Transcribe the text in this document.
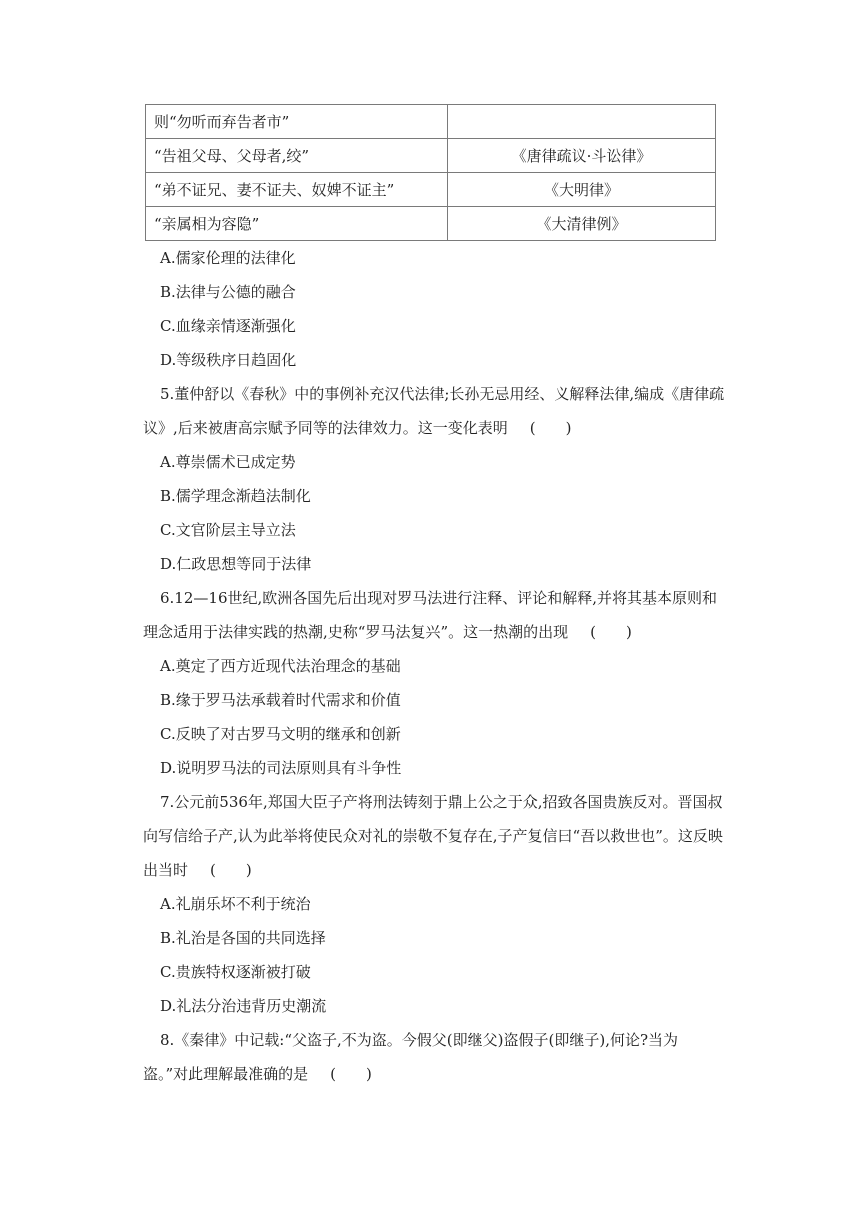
则“勿听而弃告者市”	
“告祖父母、父母者,绞”	《唐律疏议·斗讼律》
“弟不证兄、妻不证夫、奴婢不证主”	《大明律》
“亲属相为容隐”	《大清律例》
A.儒家伦理的法律化
B.法律与公德的融合
C.血缘亲情逐渐强化
D.等级秩序日趋固化
5.董仲舒以《春秋》中的事例补充汉代法律;长孙无忌用经、义解释法律,编成《唐律疏
议》,后来被唐高宗赋予同等的法律效力。这一变化表明 (　　)
A.尊崇儒术已成定势
B.儒学理念渐趋法制化
C.文官阶层主导立法
D.仁政思想等同于法律
6.12—16世纪,欧洲各国先后出现对罗马法进行注释、评论和解释,并将其基本原则和
理念适用于法律实践的热潮,史称“罗马法复兴”。这一热潮的出现 (　　)
A.奠定了西方近现代法治理念的基础
B.缘于罗马法承载着时代需求和价值
C.反映了对古罗马文明的继承和创新
D.说明罗马法的司法原则具有斗争性
7.公元前536年,郑国大臣子产将刑法铸刻于鼎上公之于众,招致各国贵族反对。晋国叔
向写信给子产,认为此举将使民众对礼的崇敬不复存在,子产复信曰“吾以救世也”。这反映
出当时 (　　)
A.礼崩乐坏不利于统治
B.礼治是各国的共同选择
C.贵族特权逐渐被打破
D.礼法分治违背历史潮流
8.《秦律》中记载:“父盗子,不为盗。今假父(即继父)盗假子(即继子),何论?当为
盗。”对此理解最准确的是 (　　)
